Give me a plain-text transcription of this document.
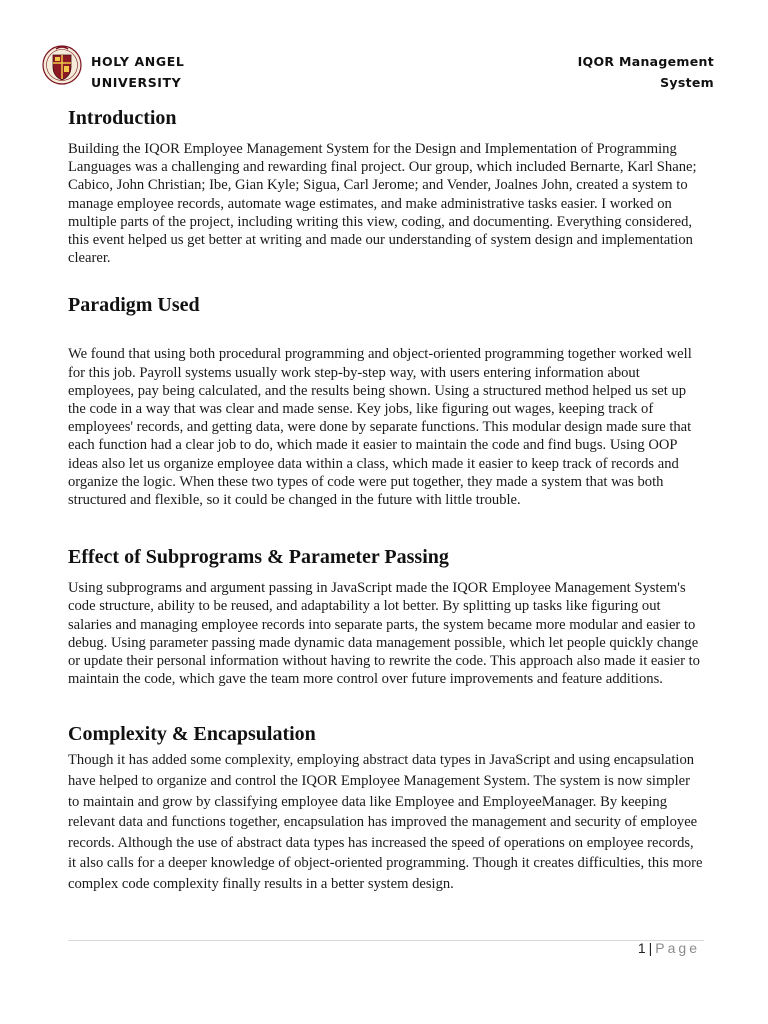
HOLY ANGEL
UNIVERSITY
IQOR Management
System
Introduction

Building the IQOR Employee Management System for the Design and Implementation of Programming Languages was a challenging and rewarding final project. Our group, which included Bernarte, Karl Shane; Cabico, John Christian; Ibe, Gian Kyle; Sigua, Carl Jerome; and Vender, Joalnes John, created a system to manage employee records, automate wage estimates, and make administrative tasks easier. I worked on multiple parts of the project, including writing this view, coding, and documenting. Everything considered, this event helped us get better at writing and made our understanding of system design and implementation clearer.

Paradigm Used

We found that using both procedural programming and object-oriented programming together worked well for this job. Payroll systems usually work step-by-step way, with users entering information about employees, pay being calculated, and the results being shown. Using a structured method helped us set up the code in a way that was clear and made sense. Key jobs, like figuring out wages, keeping track of employees' records, and getting data, were done by separate functions. This modular design made sure that each function had a clear job to do, which made it easier to maintain the code and find bugs. Using OOP ideas also let us organize employee data within a class, which made it easier to keep track of records and organize the logic. When these two types of code were put together, they made a system that was both structured and flexible, so it could be changed in the future with little trouble.

Effect of Subprograms & Parameter Passing

Using subprograms and argument passing in JavaScript made the IQOR Employee Management System's code structure, ability to be reused, and adaptability a lot better. By splitting up tasks like figuring out salaries and managing employee records into separate parts, the system became more modular and easier to debug. Using parameter passing made dynamic data management possible, which let people quickly change or update their personal information without having to rewrite the code. This approach also made it easier to maintain the code, which gave the team more control over future improvements and feature additions.

Complexity & Encapsulation

Though it has added some complexity, employing abstract data types in JavaScript and using encapsulation have helped to organize and control the IQOR Employee Management System. The system is now simpler to maintain and grow by classifying employee data like Employee and EmployeeManager. By keeping relevant data and functions together, encapsulation has improved the management and security of employee records. Although the use of abstract data types has increased the speed of operations on employee records, it also calls for a deeper knowledge of object-oriented programming. Though it creates difficulties, this more complex code complexity finally results in a better system design.

1 | Page
